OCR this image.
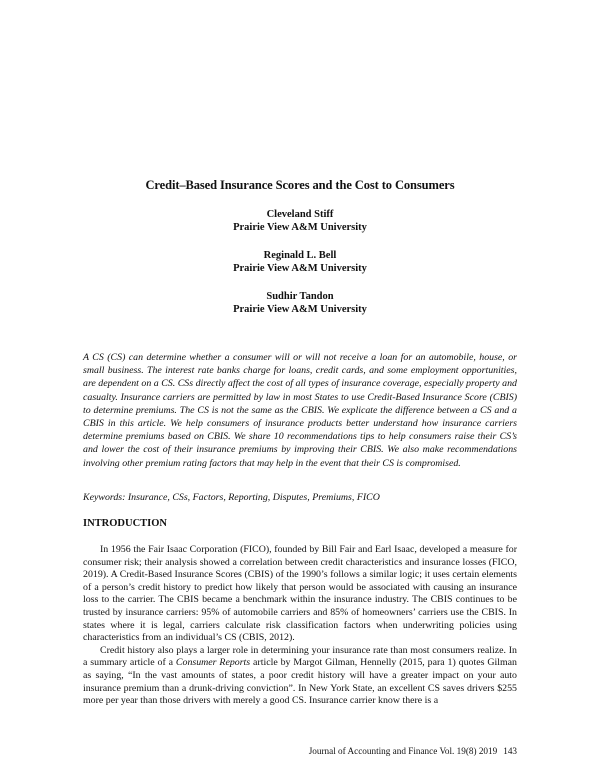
Credit–Based Insurance Scores and the Cost to Consumers
Cleveland Stiff
Prairie View A&M University
Reginald L. Bell
Prairie View A&M University
Sudhir Tandon
Prairie View A&M University

A CS (CS) can determine whether a consumer will or will not receive a loan for an automobile, house, or small business. The interest rate banks charge for loans, credit cards, and some employment opportunities, are dependent on a CS. CSs directly affect the cost of all types of insurance coverage, especially property and casualty. Insurance carriers are permitted by law in most States to use Credit-Based Insurance Score (CBIS) to determine premiums. The CS is not the same as the CBIS. We explicate the difference between a CS and a CBIS in this article. We help consumers of insurance products better understand how insurance carriers determine premiums based on CBIS. We share 10 recommendations tips to help consumers raise their CS’s and lower the cost of their insurance premiums by improving their CBIS. We also make recommendations involving other premium rating factors that may help in the event that their CS is compromised.

Keywords: Insurance, CSs, Factors, Reporting, Disputes, Premiums, FICO
INTRODUCTION

In 1956 the Fair Isaac Corporation (FICO), founded by Bill Fair and Earl Isaac, developed a measure for consumer risk; their analysis showed a correlation between credit characteristics and insurance losses (FICO, 2019). A Credit-Based Insurance Scores (CBIS) of the 1990’s follows a similar logic; it uses certain elements of a person’s credit history to predict how likely that person would be associated with causing an insurance loss to the carrier. The CBIS became a benchmark within the insurance industry. The CBIS continues to be trusted by insurance carriers: 95% of automobile carriers and 85% of homeowners’ carriers use the CBIS. In states where it is legal, carriers calculate risk classification factors when underwriting policies using characteristics from an individual’s CS (CBIS, 2012).

Credit history also plays a larger role in determining your insurance rate than most consumers realize. In a summary article of a Consumer Reports article by Margot Gilman, Hennelly (2015, para 1) quotes Gilman as saying, “In the vast amounts of states, a poor credit history will have a greater impact on your auto insurance premium than a drunk-driving conviction”. In New York State, an excellent CS saves drivers $255 more per year than those drivers with merely a good CS. Insurance carrier know there is a

Journal of Accounting and Finance Vol. 19(8) 2019 143
